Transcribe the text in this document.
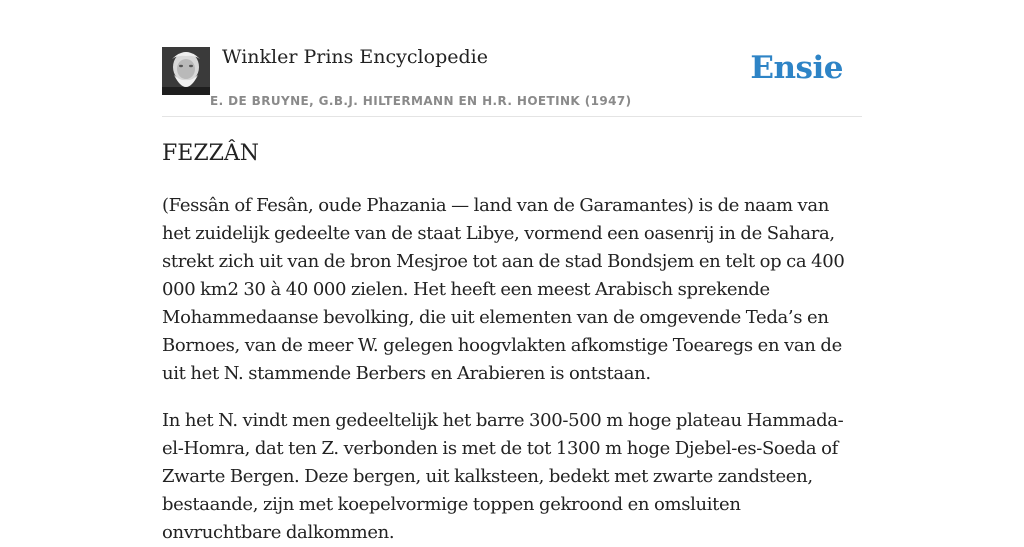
Winkler Prins Encyclopedie
E. DE BRUYNE, G.B.J. HILTERMANN EN H.R. HOETINK (1947)
Ensie
FEZZÂN

(Fessân of Fesân, oude Phazania — land van de Garamantes) is de naam van het zuidelijk gedeelte van de staat Libye, vormend een oasenrij in de Sahara, strekt zich uit van de bron Mesjroe tot aan de stad Bondsjem en telt op ca 400 000 km2 30 à 40 000 zielen. Het heeft een meest Arabisch sprekende Mohammedaanse bevolking, die uit elementen van de omgevende Teda’s en Bornoes, van de meer W. gelegen hoogvlakten afkomstige Toearegs en van de uit het N. stammende Berbers en Arabieren is ontstaan.

In het N. vindt men gedeeltelijk het barre 300-500 m hoge plateau Hammada-el-Homra, dat ten Z. verbonden is met de tot 1300 m hoge Djebel-es-Soeda of Zwarte Bergen. Deze bergen, uit kalksteen, bedekt met zwarte zandsteen, bestaande, zijn met koepelvormige toppen gekroond en omsluiten onvruchtbare dalkommen.
